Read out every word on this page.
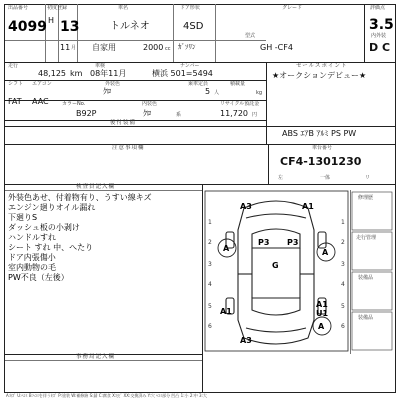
出品番号
4099
初度登録
H 13
11 月
車名
トルネオ
ドア形状
4SD
グレード	評価点
3.5
自家用	2000 cc ｶﾞｿﾘﾝ
型式
GH -CF4
内外装
D C
走行
48,125 km
車検
08年11月
ナンバー
横浜 501=5494
セールスポイント
★オークションデビュー★
シフト エアコン	外装色	乗車定員	積載量
FAT AAC
ｸﾛ	5 人	kg
カラーNo.	内装色	リサイクル預託金
B92P	ｸﾛ	系	11,720 円
後付装備
ABS ｴｱB ｱﾙﾐ PS PW
注意事項欄	車台番号
CF4-1301230
左	一体	リ
検査員記入欄
外装色あせ、付着物有り、うすい線キズ
エンジン廻りオイル漏れ
下廻りS
ダッシュ板の小剥け
ハンドルすれ
シート すれ 中、へたり
ドア内張傷小
室内動物の毛
PW不良（左後）
事務局記入欄
1
2
3
4
5
6
1
2
3
4
5
6
A3	A1
A
P3 P3
G
A
A1
A1
U1
A3
A
修理歴
走行管理
装備品
装備品
A:ｷｽﾞ U:ﾍｺﾐ B:ﾍｺﾐを伴うｷｽﾞ P:塗装 W:補修跡 S:錆 C:腐食 X:ﾋﾋﾞ XX:交換済み Y:穴 ﾍｺﾐ部分 凹凸 1:小 2:中 3:大
